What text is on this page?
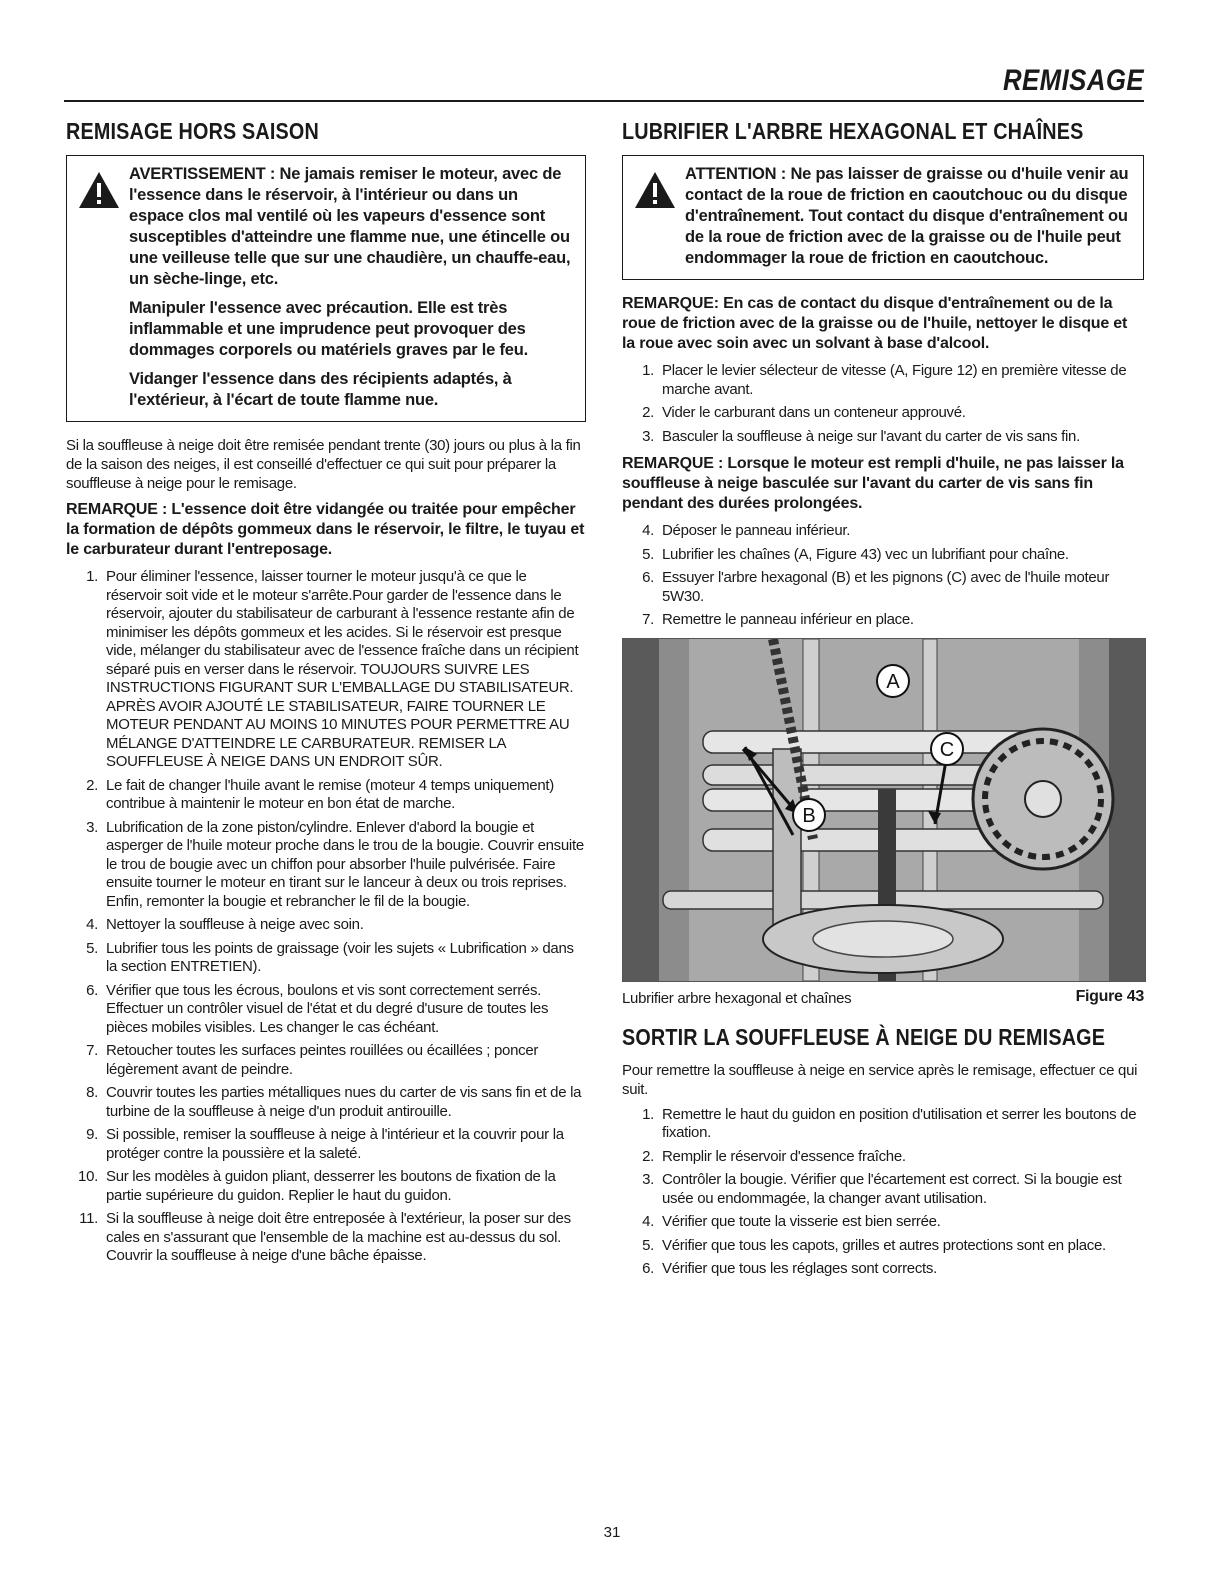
REMISAGE
REMISAGE HORS SAISON

AVERTISSEMENT : Ne jamais remiser le moteur, avec de l'essence dans le réservoir, à l'intérieur ou dans un espace clos mal ventilé où les vapeurs d'essence sont susceptibles d'atteindre une flamme nue, une étincelle ou une veilleuse telle que sur une chaudière, un chauffe-eau, un sèche-linge, etc.

Manipuler l'essence avec précaution. Elle est très inflammable et une imprudence peut provoquer des dommages corporels ou matériels graves par le feu.

Vidanger l'essence dans des récipients adaptés, à l'extérieur, à l'écart de toute flamme nue.

Si la souffleuse à neige doit être remisée pendant trente (30) jours ou plus à la fin de la saison des neiges, il est conseillé d'effectuer ce qui suit pour préparer la souffleuse à neige pour le remisage.

REMARQUE : L'essence doit être vidangée ou traitée pour empêcher la formation de dépôts gommeux dans le réservoir, le filtre, le tuyau et le carburateur durant l'entreposage.

1. Pour éliminer l'essence, laisser tourner le moteur jusqu'à ce que le réservoir soit vide et le moteur s'arrête.Pour garder de l'essence dans le réservoir, ajouter du stabilisateur de carburant à l'essence restante afin de minimiser les dépôts gommeux et les acides. Si le réservoir est presque vide, mélanger du stabilisateur avec de l'essence fraîche dans un récipient séparé puis en verser dans le réservoir. TOUJOURS SUIVRE LES INSTRUCTIONS FIGURANT SUR L'EMBALLAGE DU STABILISATEUR. APRÈS AVOIR AJOUTÉ LE STABILISATEUR, FAIRE TOURNER LE MOTEUR PENDANT AU MOINS 10 MINUTES POUR PERMETTRE AU MÉLANGE D'ATTEINDRE LE CARBURATEUR. REMISER LA SOUFFLEUSE À NEIGE DANS UN ENDROIT SÛR.
2. Le fait de changer l'huile avant le remise (moteur 4 temps uniquement) contribue à maintenir le moteur en bon état de marche.
3. Lubrification de la zone piston/cylindre. Enlever d'abord la bougie et asperger de l'huile moteur proche dans le trou de la bougie. Couvrir ensuite le trou de bougie avec un chiffon pour absorber l'huile pulvérisée. Faire ensuite tourner le moteur en tirant sur le lanceur à deux ou trois reprises. Enfin, remonter la bougie et rebrancher le fil de la bougie.
4. Nettoyer la souffleuse à neige avec soin.
5. Lubrifier tous les points de graissage (voir les sujets « Lubrification » dans la section ENTRETIEN).
6. Vérifier que tous les écrous, boulons et vis sont correctement serrés. Effectuer un contrôler visuel de l'état et du degré d'usure de toutes les pièces mobiles visibles. Les changer le cas échéant.
7. Retoucher toutes les surfaces peintes rouillées ou écaillées ; poncer légèrement avant de peindre.
8. Couvrir toutes les parties métalliques nues du carter de vis sans fin et de la turbine de la souffleuse à neige d'un produit antirouille.
9. Si possible, remiser la souffleuse à neige à l'intérieur et la couvrir pour la protéger contre la poussière et la saleté.
10. Sur les modèles à guidon pliant, desserrer les boutons de fixation de la partie supérieure du guidon. Replier le haut du guidon.
11. Si la souffleuse à neige doit être entreposée à l'extérieur, la poser sur des cales en s'assurant que l'ensemble de la machine est au-dessus du sol. Couvrir la souffleuse à neige d'une bâche épaisse.
LUBRIFIER L'ARBRE HEXAGONAL ET CHAÎNES

ATTENTION : Ne pas laisser de graisse ou d'huile venir au contact de la roue de friction en caoutchouc ou du disque d'entraînement. Tout contact du disque d'entraînement ou de la roue de friction avec de la graisse ou de l'huile peut endommager la roue de friction en caoutchouc.

REMARQUE: En cas de contact du disque d'entraînement ou de la roue de friction avec de la graisse ou de l'huile, nettoyer le disque et la roue avec soin avec un solvant à base d'alcool.

1. Placer le levier sélecteur de vitesse (A, Figure 12) en première vitesse de marche avant.
2. Vider le carburant dans un conteneur approuvé.
3. Basculer la souffleuse à neige sur l'avant du carter de vis sans fin.

REMARQUE : Lorsque le moteur est rempli d'huile, ne pas laisser la souffleuse à neige basculée sur l'avant du carter de vis sans fin pendant des durées prolongées.

4. Déposer le panneau inférieur.
5. Lubrifier les chaînes (A, Figure 43) vec un lubrifiant pour chaîne.
6. Essuyer l'arbre hexagonal (B) et les pignons (C) avec de l'huile moteur 5W30.
7. Remettre le panneau inférieur en place.
A
C
B
Lubrifier arbre hexagonal et chaînes	Figure 43
SORTIR LA SOUFFLEUSE À NEIGE DU REMISAGE

Pour remettre la souffleuse à neige en service après le remisage, effectuer ce qui suit.

1. Remettre le haut du guidon en position d'utilisation et serrer les boutons de fixation.
2. Remplir le réservoir d'essence fraîche.
3. Contrôler la bougie. Vérifier que l'écartement est correct. Si la bougie est usée ou endommagée, la changer avant utilisation.
4. Vérifier que toute la visserie est bien serrée.
5. Vérifier que tous les capots, grilles et autres protections sont en place.
6. Vérifier que tous les réglages sont corrects.
31
